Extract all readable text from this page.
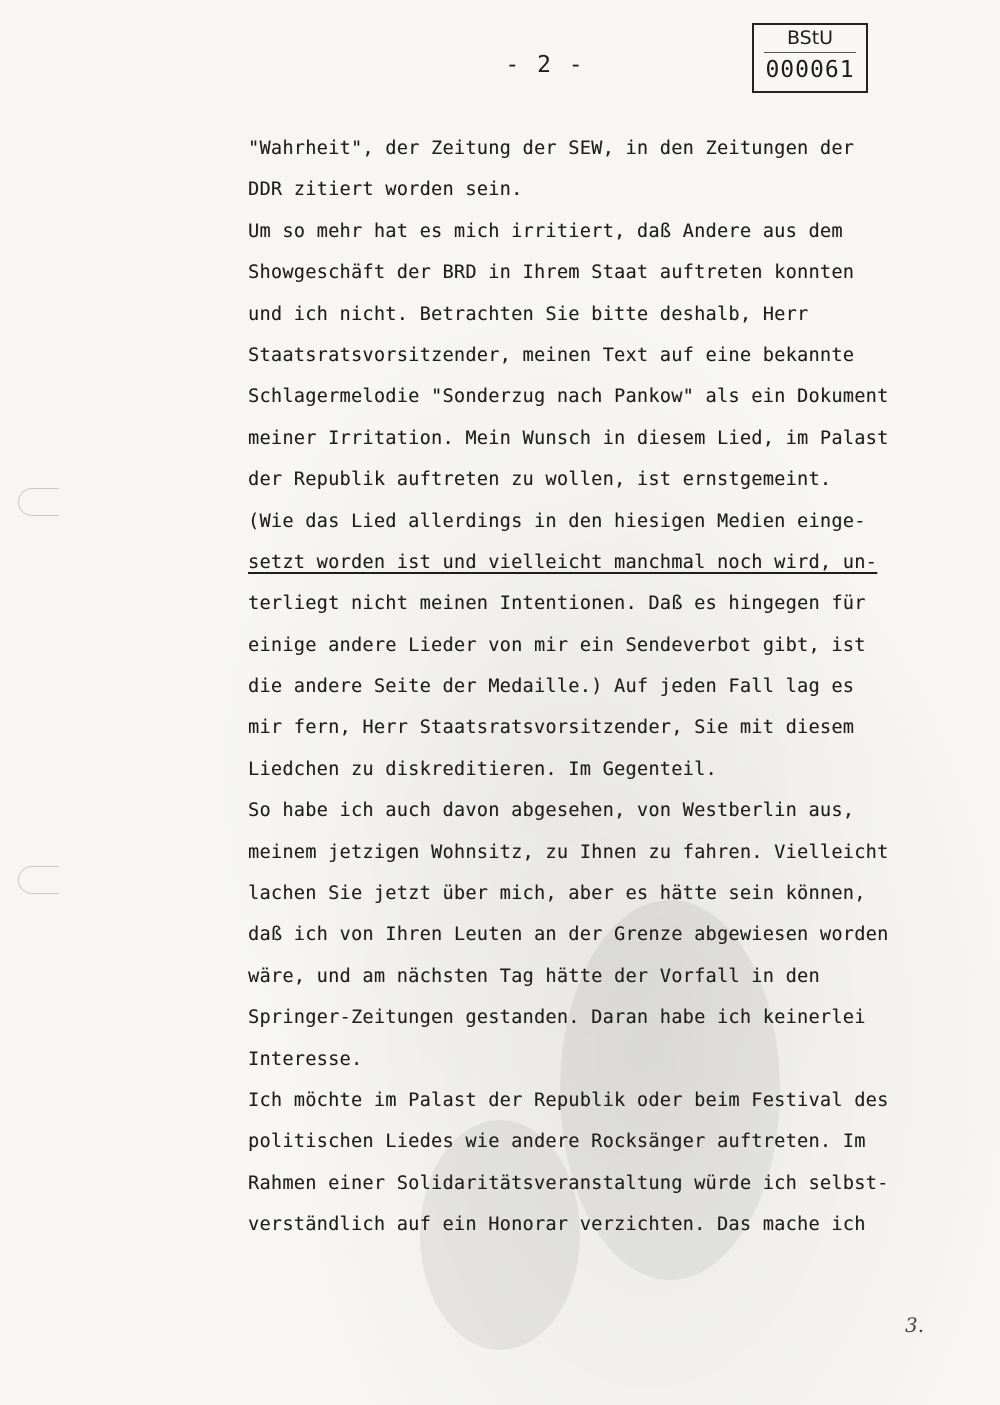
- 2 -
BStU
000061
"Wahrheit", der Zeitung der SEW, in den Zeitungen der
DDR zitiert worden sein.
Um so mehr hat es mich irritiert, daß Andere aus dem
Showgeschäft der BRD in Ihrem Staat auftreten konnten
und ich nicht. Betrachten Sie bitte deshalb, Herr
Staatsratsvorsitzender, meinen Text auf eine bekannte
Schlagermelodie "Sonderzug nach Pankow" als ein Dokument
meiner Irritation. Mein Wunsch in diesem Lied, im Palast
der Republik auftreten zu wollen, ist ernstgemeint.
(Wie das Lied allerdings in den hiesigen Medien einge-
setzt worden ist und vielleicht manchmal noch wird, un-
terliegt nicht meinen Intentionen. Daß es hingegen für
einige andere Lieder von mir ein Sendeverbot gibt, ist
die andere Seite der Medaille.) Auf jeden Fall lag es
mir fern, Herr Staatsratsvorsitzender, Sie mit diesem
Liedchen zu diskreditieren. Im Gegenteil.
So habe ich auch davon abgesehen, von Westberlin aus,
meinem jetzigen Wohnsitz, zu Ihnen zu fahren. Vielleicht
lachen Sie jetzt über mich, aber es hätte sein können,
daß ich von Ihren Leuten an der Grenze abgewiesen worden
wäre, und am nächsten Tag hätte der Vorfall in den
Springer-Zeitungen gestanden. Daran habe ich keinerlei
Interesse.
Ich möchte im Palast der Republik oder beim Festival des
politischen Liedes wie andere Rocksänger auftreten. Im
Rahmen einer Solidaritätsveranstaltung würde ich selbst-
verständlich auf ein Honorar verzichten. Das mache ich
3.
